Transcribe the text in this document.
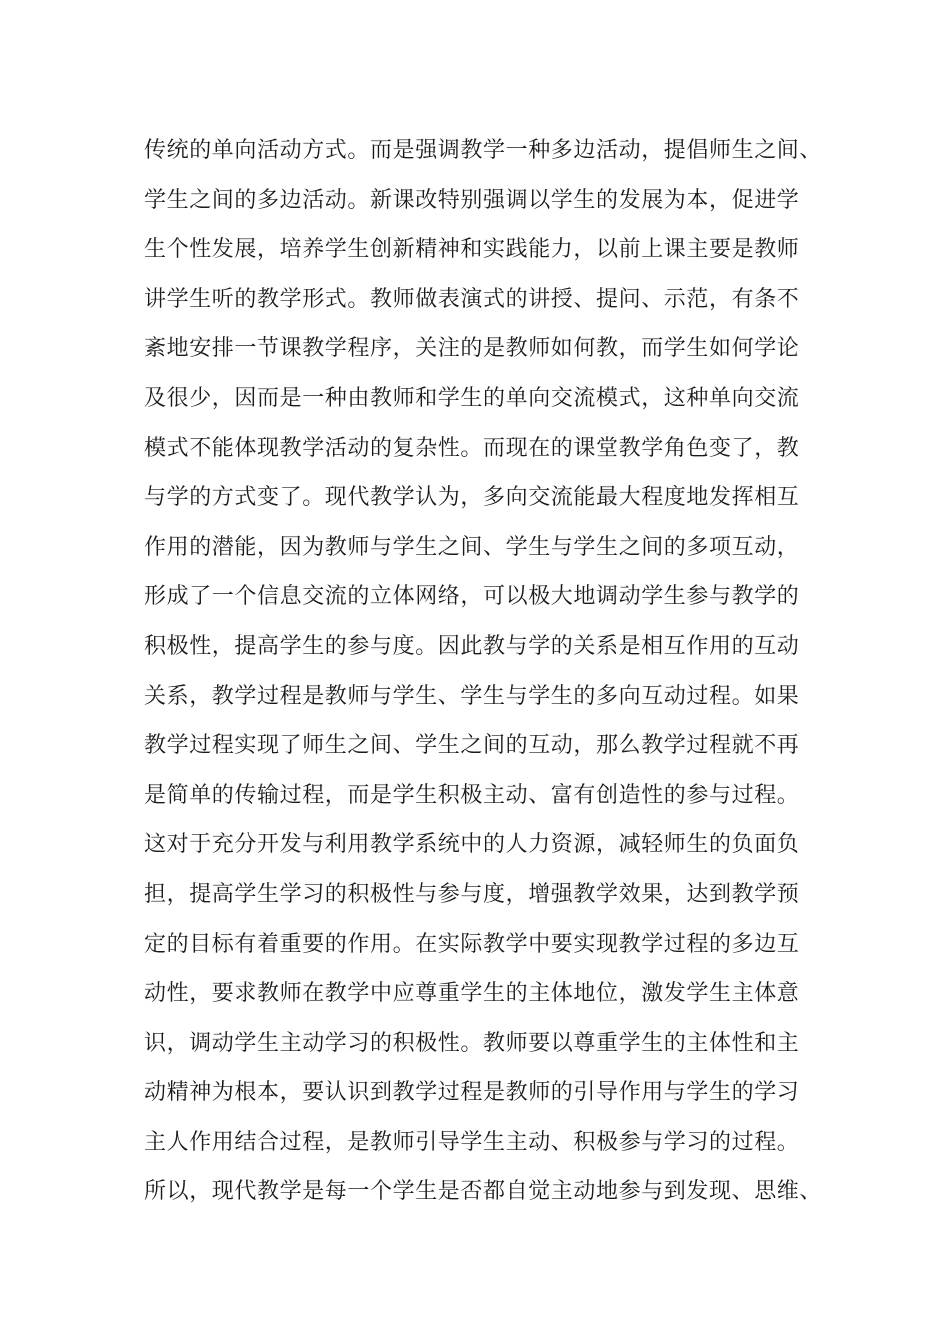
传统的单向活动方式。而是强调教学一种多边活动，提倡师生之间、
学生之间的多边活动。新课改特别强调以学生的发展为本，促进学
生个性发展，培养学生创新精神和实践能力，以前上课主要是教师
讲学生听的教学形式。教师做表演式的讲授、提问、示范，有条不
紊地安排一节课教学程序，关注的是教师如何教，而学生如何学论
及很少，因而是一种由教师和学生的单向交流模式，这种单向交流
模式不能体现教学活动的复杂性。而现在的课堂教学角色变了，教
与学的方式变了。现代教学认为，多向交流能最大程度地发挥相互
作用的潜能，因为教师与学生之间、学生与学生之间的多项互动，
形成了一个信息交流的立体网络，可以极大地调动学生参与教学的
积极性，提高学生的参与度。因此教与学的关系是相互作用的互动
关系，教学过程是教师与学生、学生与学生的多向互动过程。如果
教学过程实现了师生之间、学生之间的互动，那么教学过程就不再
是简单的传输过程，而是学生积极主动、富有创造性的参与过程。
这对于充分开发与利用教学系统中的人力资源，减轻师生的负面负
担，提高学生学习的积极性与参与度，增强教学效果，达到教学预
定的目标有着重要的作用。在实际教学中要实现教学过程的多边互
动性，要求教师在教学中应尊重学生的主体地位，激发学生主体意
识，调动学生主动学习的积极性。教师要以尊重学生的主体性和主
动精神为根本，要认识到教学过程是教师的引导作用与学生的学习
主人作用结合过程，是教师引导学生主动、积极参与学习的过程。
所以，现代教学是每一个学生是否都自觉主动地参与到发现、思维、
